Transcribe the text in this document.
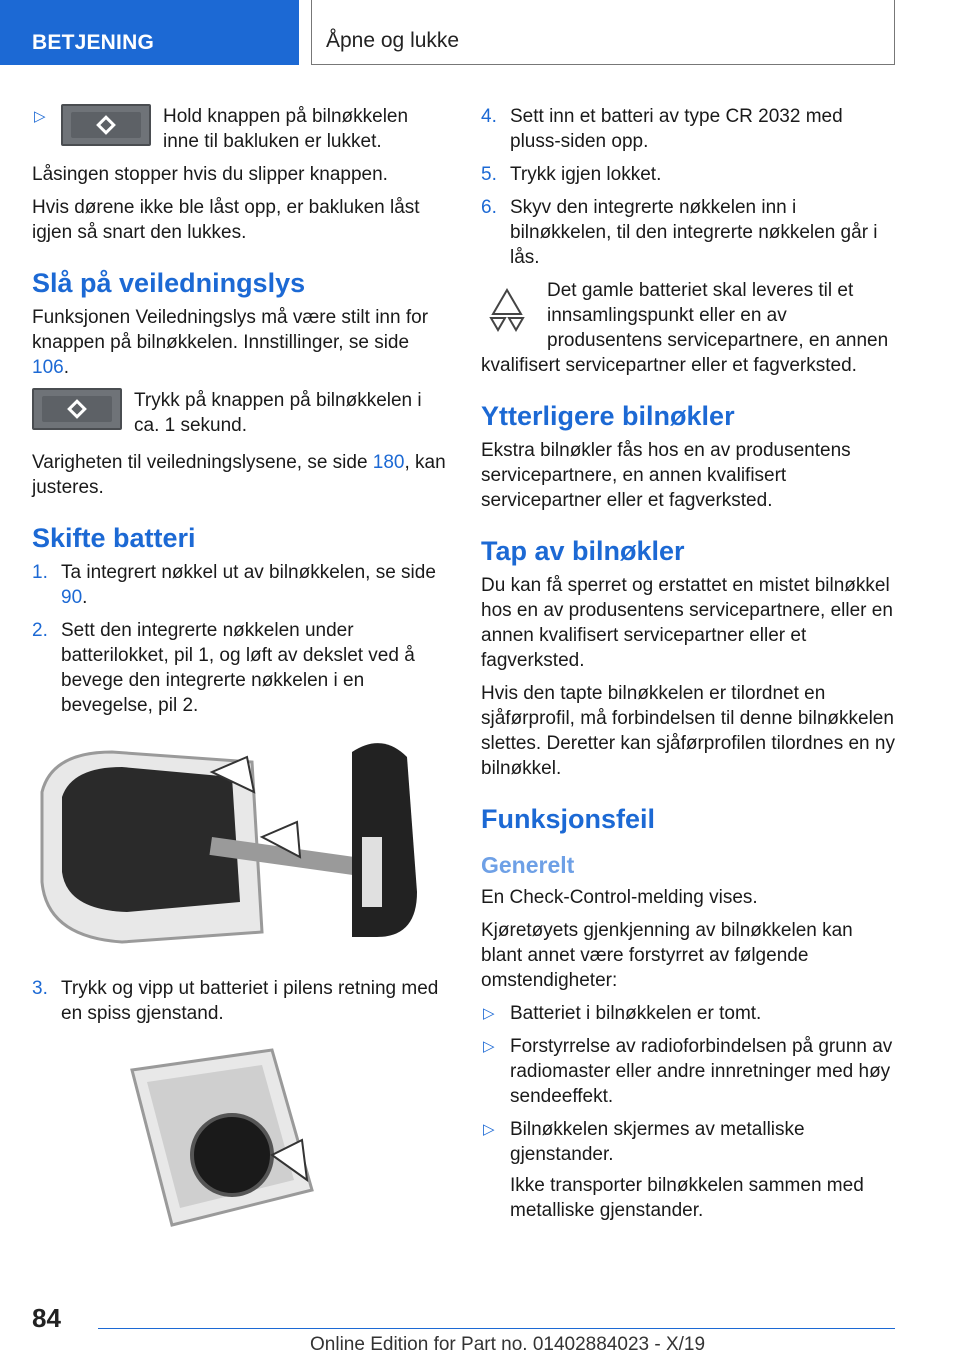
BETJENING	Åpne og lukke
▷	Hold knappen på bilnøkkelen inne til bakluken er lukket.

Låsingen stopper hvis du slipper knappen.

Hvis dørene ikke ble låst opp, er bakluken låst igjen så snart den lukkes.

Slå på veiledningslys

Funksjonen Veiledningslys må være stilt inn for knappen på bilnøkkelen. Innstillinger, se side 106.

Trykk på knappen på bilnøkkelen i ca. 1 sekund.

Varigheten til veiledningslysene, se side 180, kan justeres.

Skifte batteri
1. Ta integrert nøkkel ut av bilnøkkelen, se side 90.
2. Sett den integrerte nøkkelen under batterilokket, pil 1, og løft av dekslet ved å bevege den integrerte nøkkelen i en bevegelse, pil 2.
3. Trykk og vipp ut batteriet i pilens retning med en spiss gjenstand.
4. Sett inn et batteri av type CR 2032 med pluss-siden opp.
5. Trykk igjen lokket.
6. Skyv den integrerte nøkkelen inn i bilnøkkelen, til den integrerte nøkkelen går i lås.
Det gamle batteriet skal leveres til et innsamlingspunkt eller en av produsentens servicepartnere, en annen kvalifisert servicepartner eller et fagverksted.
Ytterligere bilnøkler

Ekstra bilnøkler fås hos en av produsentens servicepartnere, en annen kvalifisert servicepartner eller et fagverksted.

Tap av bilnøkler

Du kan få sperret og erstattet en mistet bilnøkkel hos en av produsentens servicepartnere, eller en annen kvalifisert servicepartner eller et fagverksted.

Hvis den tapte bilnøkkelen er tilordnet en sjåførprofil, må forbindelsen til denne bilnøkkelen slettes. Deretter kan sjåførprofilen tilordnes en ny bilnøkkel.

Funksjonsfeil
Generelt

En Check-Control-melding vises.

Kjøretøyets gjenkjenning av bilnøkkelen kan blant annet være forstyrret av følgende omstendigheter:

▷ Batteriet i bilnøkkelen er tomt.
▷ Forstyrrelse av radioforbindelsen på grunn av radiomaster eller andre innretninger med høy sendeeffekt.
▷ Bilnøkkelen skjermes av metalliske gjenstander.
Ikke transporter bilnøkkelen sammen med metalliske gjenstander.
84
Online Edition for Part no. 01402884023 - X/19
